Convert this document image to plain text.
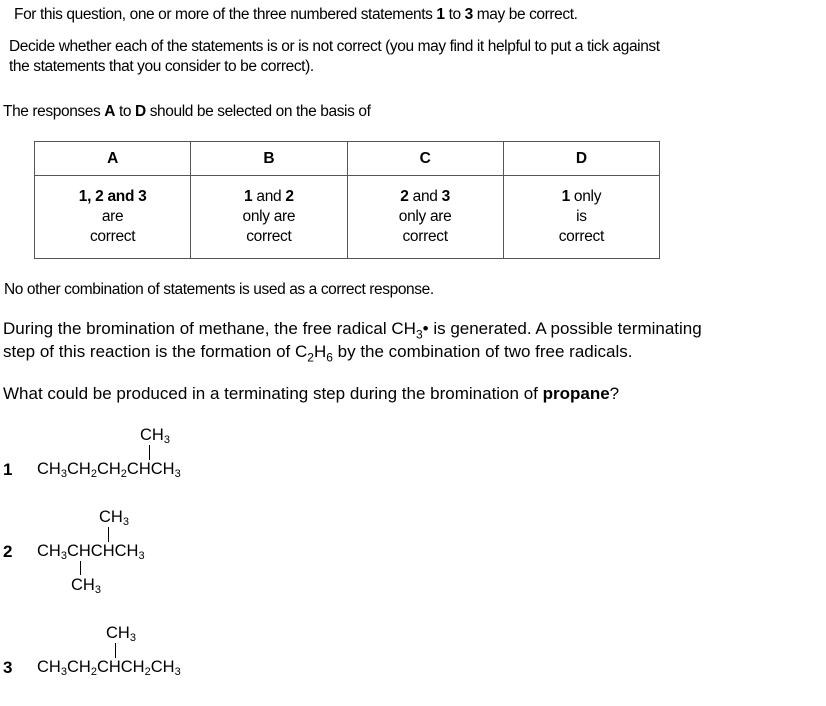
For this question, one or more of the three numbered statements 1 to 3 may be correct.
Decide whether each of the statements is or is not correct (you may find it helpful to put a tick against
the statements that you consider to be correct).
The responses A to D should be selected on the basis of
A	B	C	D
1, 2 and 3
are
correct	1 and 2
only are
correct	2 and 3
only are
correct	1 only
is
correct
No other combination of statements is used as a correct response.
During the bromination of methane, the free radical $CH_3•$ is generated. A possible terminating
step of this reaction is the formation of $C_2H_6$ by the combination of two free radicals.
What could be produced in a terminating step during the bromination of propane?
1
$CH_3$
$CH_3CH_2CH_2CHCH_3$
2
$CH_3$
$CH_3CHCHCH_3$
$CH_3$
3
$CH_3$
$CH_3CH_2CHCH_2CH_3$
